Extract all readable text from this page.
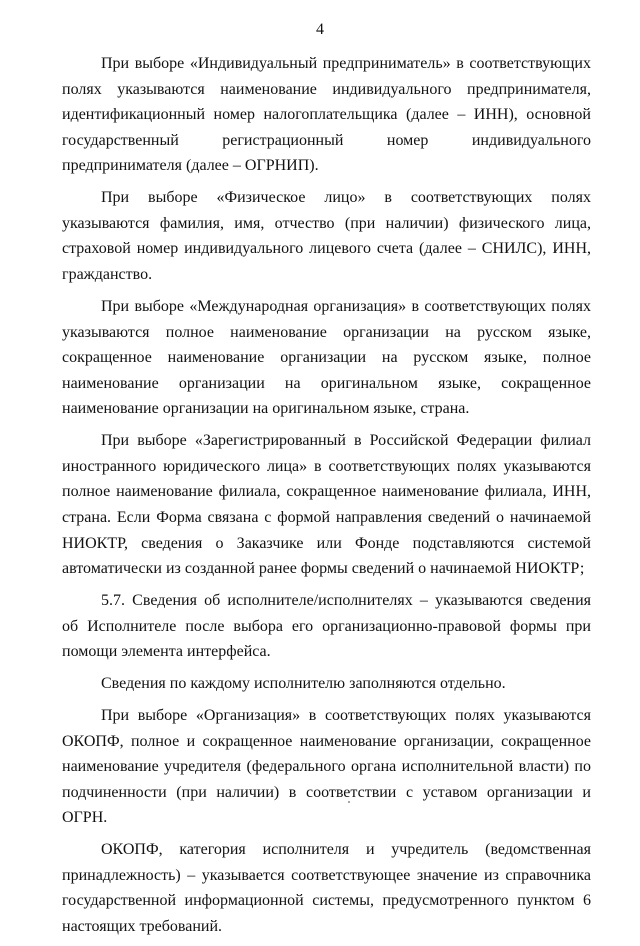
4

При выборе «Индивидуальный предприниматель» в соответствующих полях указываются наименование индивидуального предпринимателя, идентификационный номер налогоплательщика (далее – ИНН), основной государственный регистрационный номер индивидуального предпринимателя (далее – ОГРНИП).

При выборе «Физическое лицо» в соответствующих полях указываются фамилия, имя, отчество (при наличии) физического лица, страховой номер индивидуального лицевого счета (далее – СНИЛС), ИНН, гражданство.

При выборе «Международная организация» в соответствующих полях указываются полное наименование организации на русском языке, сокращенное наименование организации на русском языке, полное наименование организации на оригинальном языке, сокращенное наименование организации на оригинальном языке, страна.

При выборе «Зарегистрированный в Российской Федерации филиал иностранного юридического лица» в соответствующих полях указываются полное наименование филиала, сокращенное наименование филиала, ИНН, страна. Если Форма связана с формой направления сведений о начинаемой НИОКТР, сведения о Заказчике или Фонде подставляются системой автоматически из созданной ранее формы сведений о начинаемой НИОКТР;

5.7. Сведения об исполнителе/исполнителях – указываются сведения об Исполнителе после выбора его организационно-правовой формы при помощи элемента интерфейса.

Сведения по каждому исполнителю заполняются отдельно.

При выборе «Организация» в соответствующих полях указываются ОКОПФ, полное и сокращенное наименование организации, сокращенное наименование учредителя (федерального органа исполнительной власти) по подчиненности (при наличии) в соответствии с уставом организации и ОГРН.

ОКОПФ, категория исполнителя и учредитель (ведомственная принадлежность) – указывается соответствующее значение из справочника государственной информационной системы, предусмотренного пунктом 6 настоящих требований.
